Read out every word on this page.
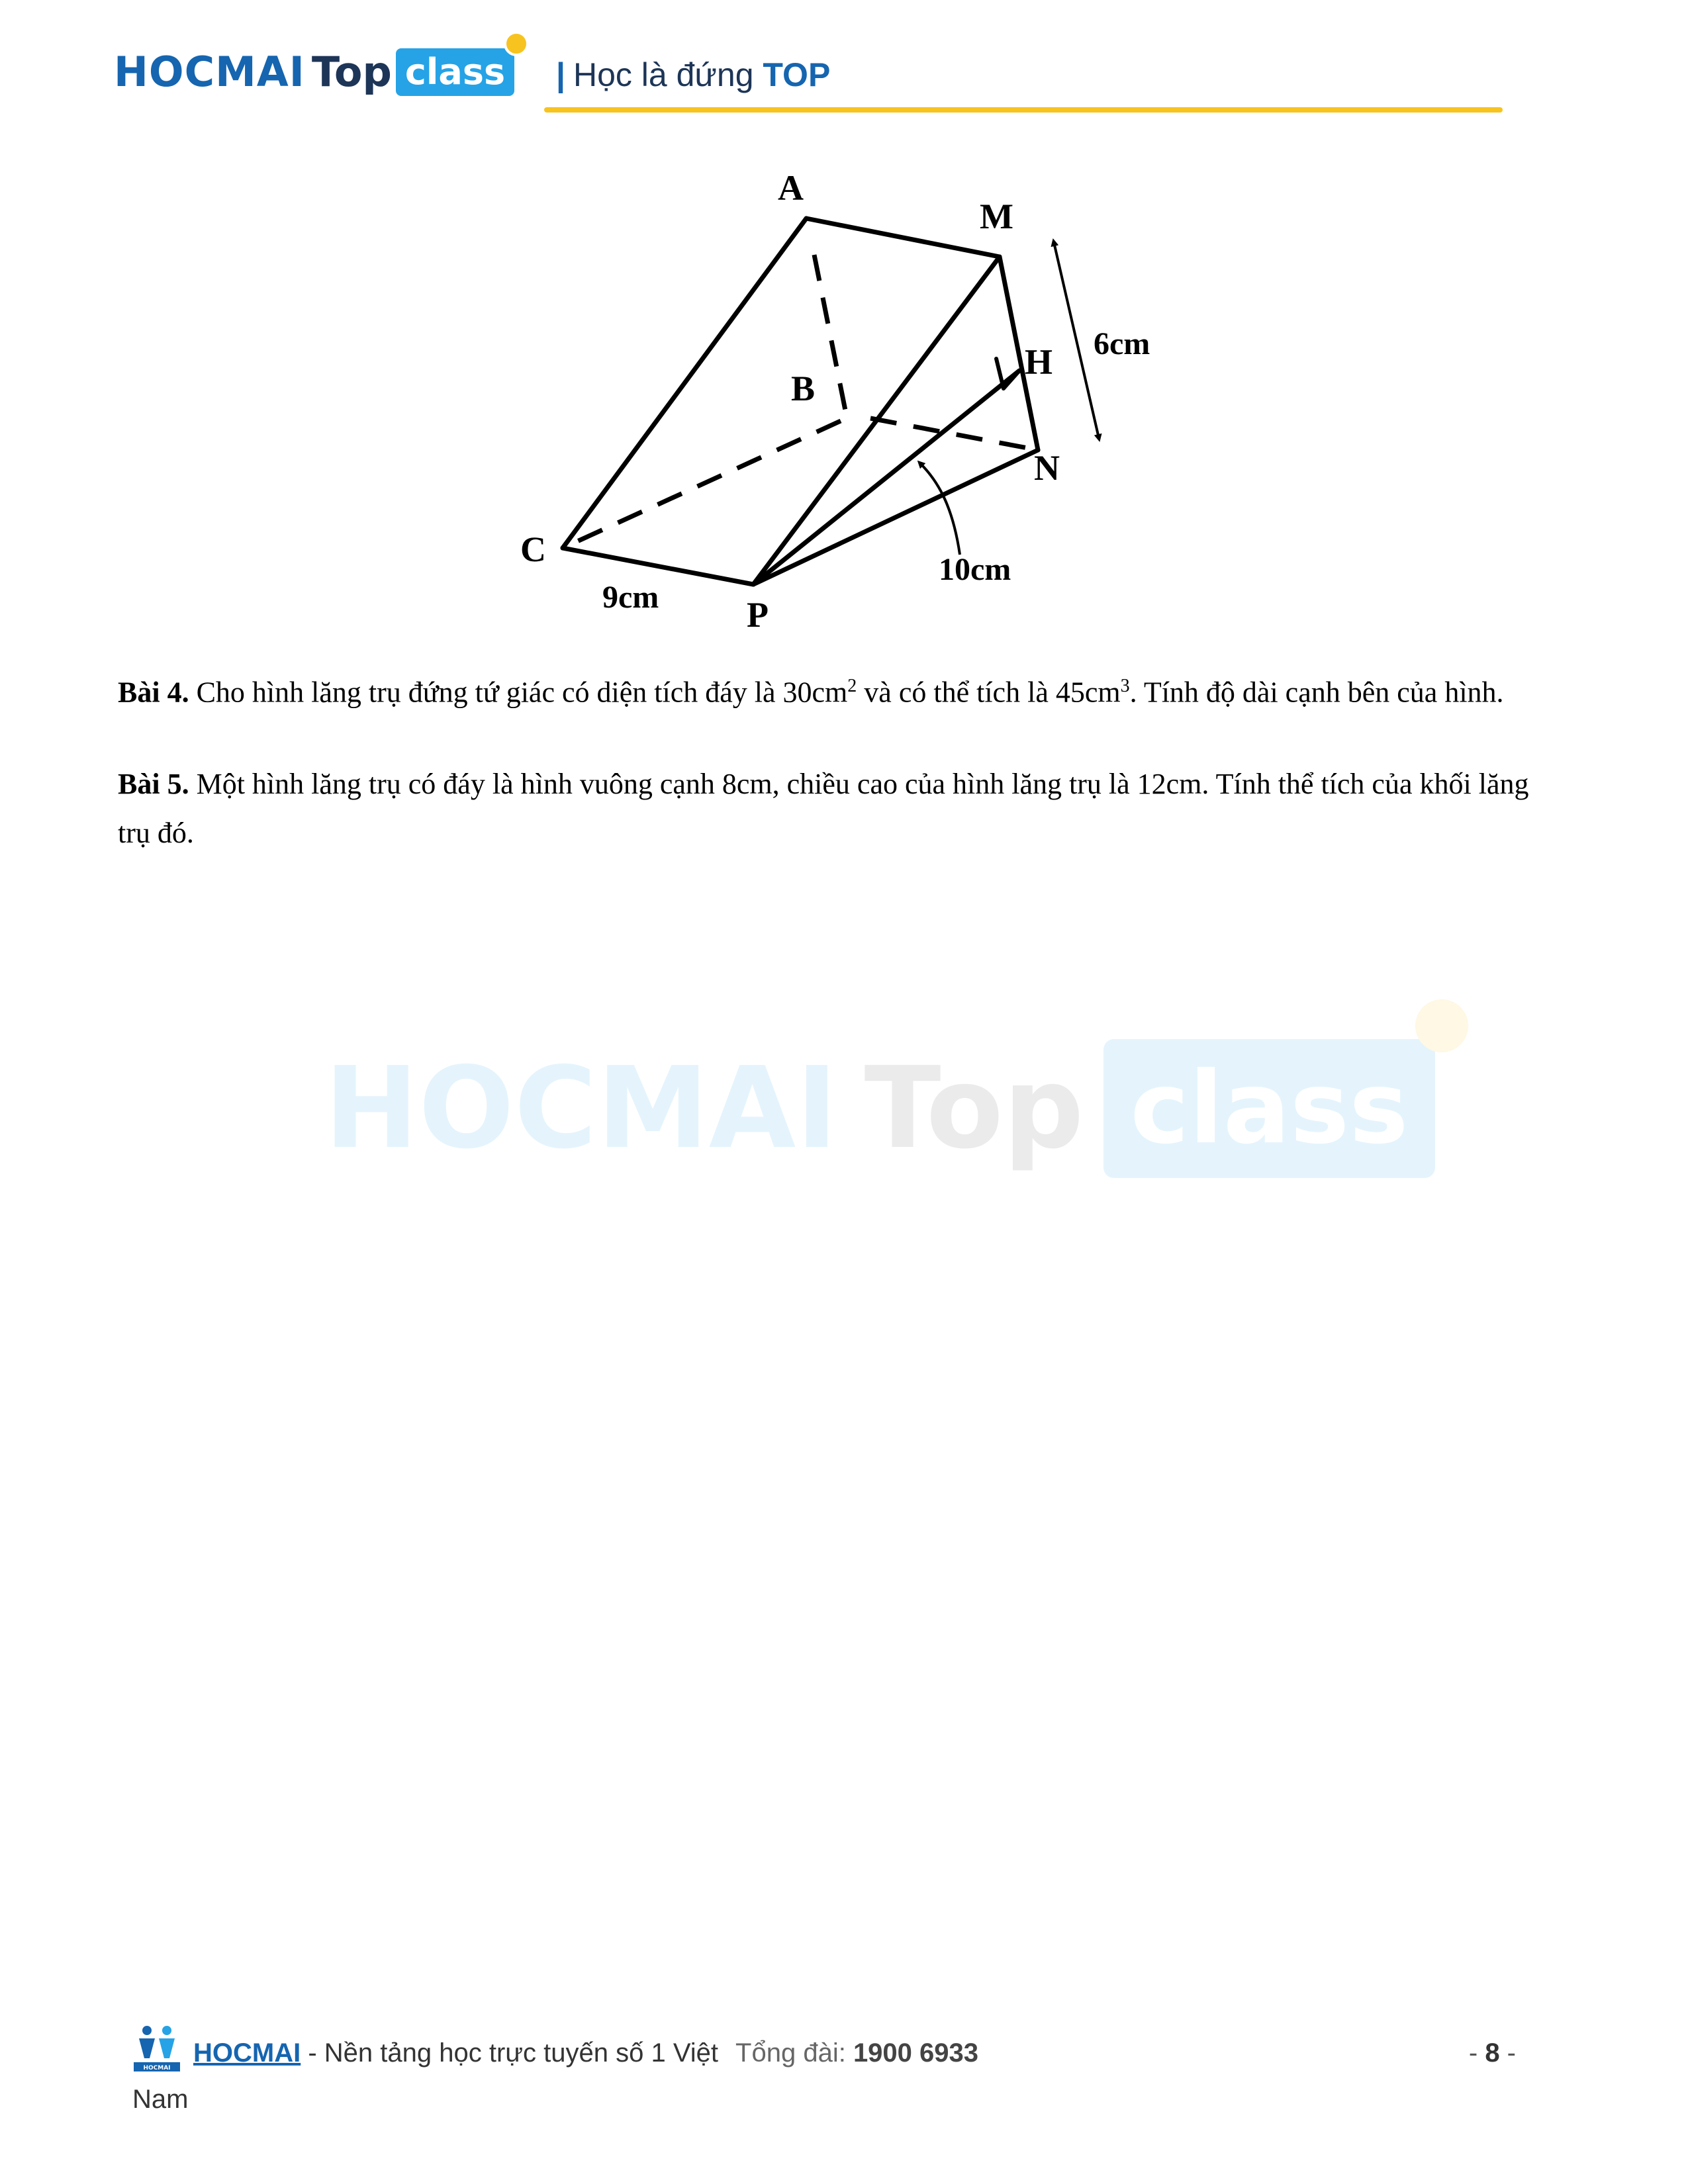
HOCMAI Top class | Học là đứng TOP
HOCMAI Top class
A
M
B
H
C
N
P
6cm
9cm
10cm
Bài 4. Cho hình lăng trụ đứng tứ giác có diện tích đáy là $30cm^2$ và có thể tích là $45cm^3$. Tính độ dài cạnh bên của hình.
Bài 5. Một hình lăng trụ có đáy là hình vuông cạnh 8cm, chiều cao của hình lăng trụ là 12cm. Tính thể tích của khối lăng trụ đó.
HOCMAI
HOCMAI - Nền tảng học trực tuyến số 1 Việt Tổng đài: 1900 6933	- 8 -
Nam
